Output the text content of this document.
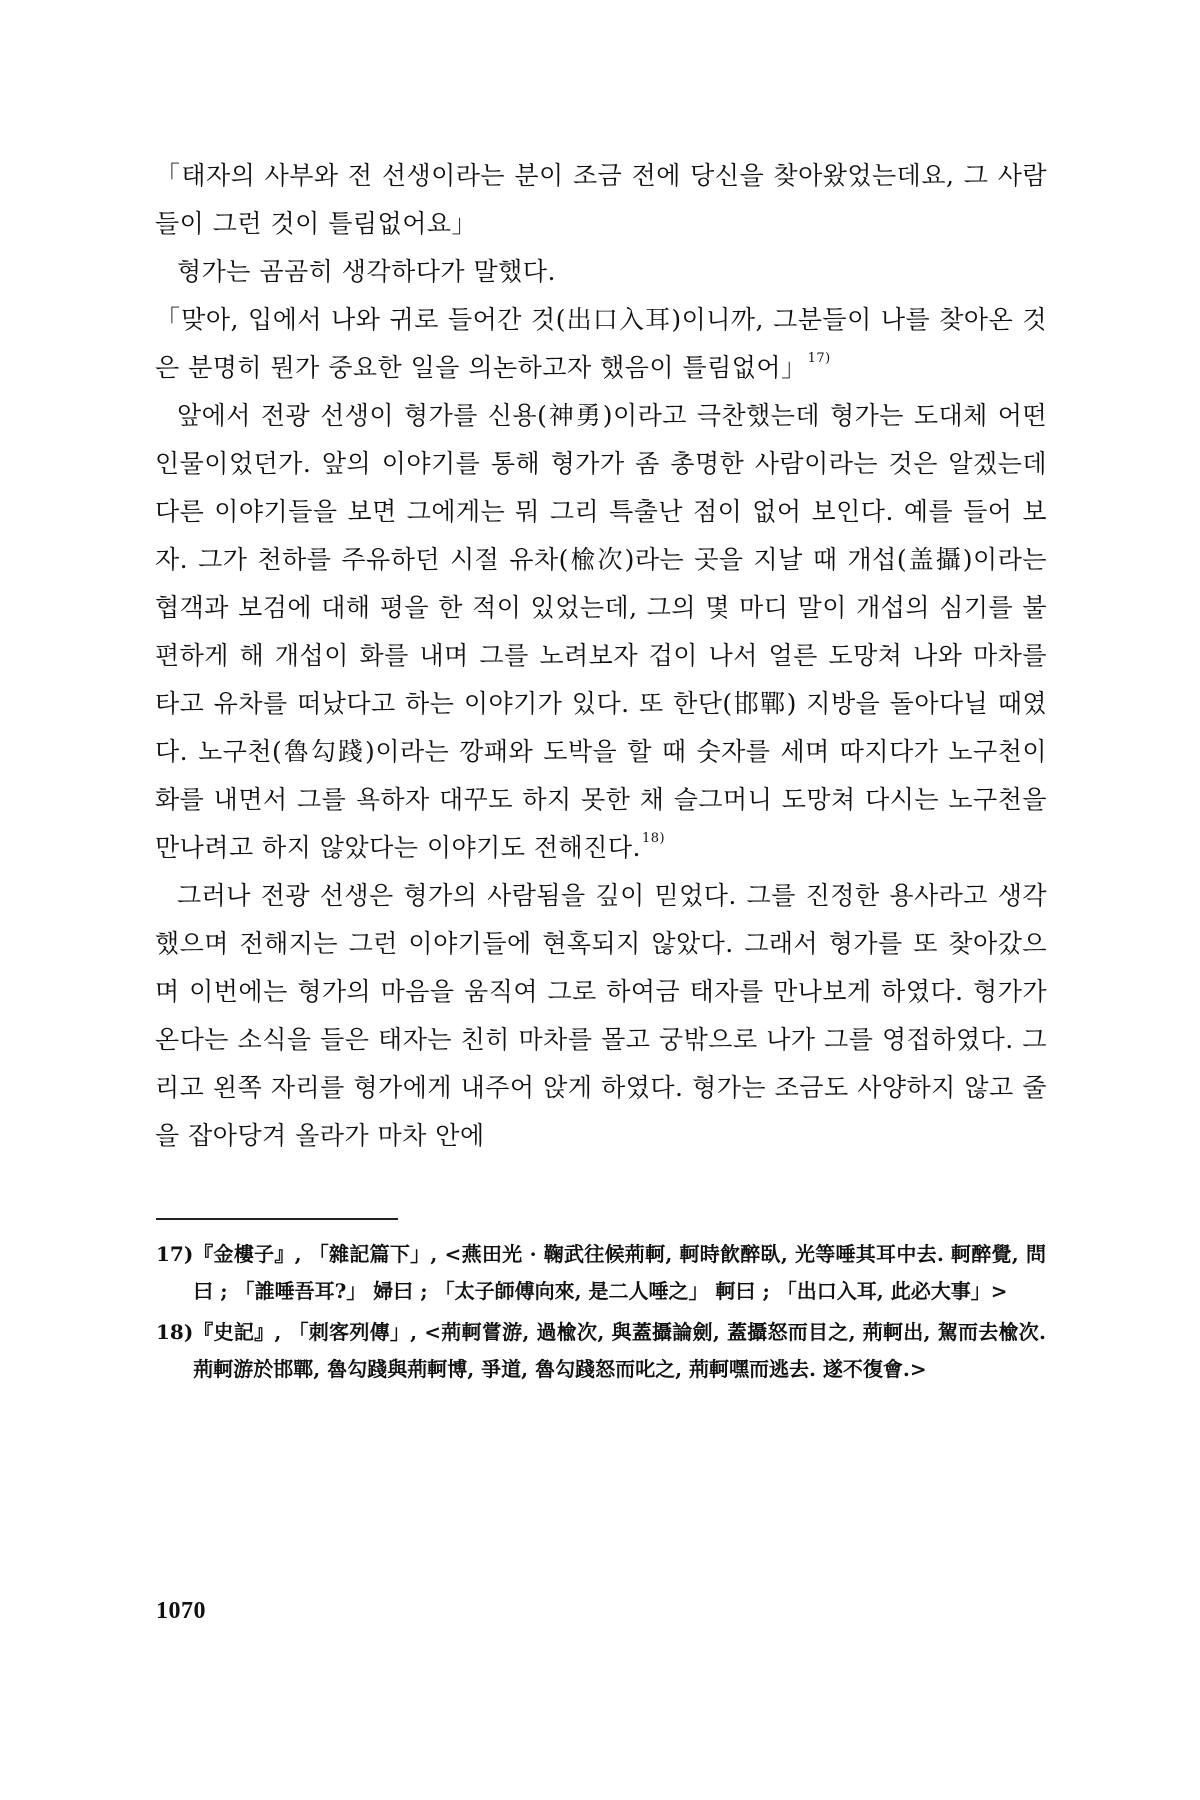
「태자의 사부와 전 선생이라는 분이 조금 전에 당신을 찾아왔었는데요, 그 사람들이 그런 것이 틀림없어요」

형가는 곰곰히 생각하다가 말했다.

「맞아, 입에서 나와 귀로 들어간 것(出口入耳)이니까, 그분들이 나를 찾아온 것은 분명히 뭔가 중요한 일을 의논하고자 했음이 틀림없어」$^{17)}$

앞에서 전광 선생이 형가를 신용(神勇)이라고 극찬했는데 형가는 도대체 어떤 인물이었던가. 앞의 이야기를 통해 형가가 좀 총명한 사람이라는 것은 알겠는데 다른 이야기들을 보면 그에게는 뭐 그리 특출난 점이 없어 보인다. 예를 들어 보자. 그가 천하를 주유하던 시절 유차(楡次)라는 곳을 지날 때 개섭(盖攝)이라는 협객과 보검에 대해 평을 한 적이 있었는데, 그의 몇 마디 말이 개섭의 심기를 불편하게 해 개섭이 화를 내며 그를 노려보자 겁이 나서 얼른 도망쳐 나와 마차를 타고 유차를 떠났다고 하는 이야기가 있다. 또 한단(邯鄲) 지방을 돌아다닐 때였다. 노구천(魯勾踐)이라는 깡패와 도박을 할 때 숫자를 세며 따지다가 노구천이 화를 내면서 그를 욕하자 대꾸도 하지 못한 채 슬그머니 도망쳐 다시는 노구천을 만나려고 하지 않았다는 이야기도 전해진다.$^{18)}$

그러나 전광 선생은 형가의 사람됨을 깊이 믿었다. 그를 진정한 용사라고 생각했으며 전해지는 그런 이야기들에 현혹되지 않았다. 그래서 형가를 또 찾아갔으며 이번에는 형가의 마음을 움직여 그로 하여금 태자를 만나보게 하였다. 형가가 온다는 소식을 들은 태자는 친히 마차를 몰고 궁밖으로 나가 그를 영접하였다. 그리고 왼쪽 자리를 형가에게 내주어 앉게 하였다. 형가는 조금도 사양하지 않고 줄을 잡아당겨 올라가 마차 안에

17) 『金樓子』, 「雜記篇下」, <燕田光 · 鞠武往候荊軻, 軻時飮醉臥, 光等唾其耳中去. 軻醉覺, 問曰 ; 「誰唾吾耳?」 婦曰 ; 「太子師傅向來, 是二人唾之」 軻曰 ; 「出口入耳, 此必大事」>
18) 『史記』, 「刺客列傳」, <荊軻嘗游, 過楡次, 與蓋攝論劍, 蓋攝怒而目之, 荊軻出, 駕而去楡次. 荊軻游於邯鄲, 魯勾踐與荊軻博, 爭道, 魯勾踐怒而叱之, 荊軻嘿而逃去. 遂不復會.>
1070
